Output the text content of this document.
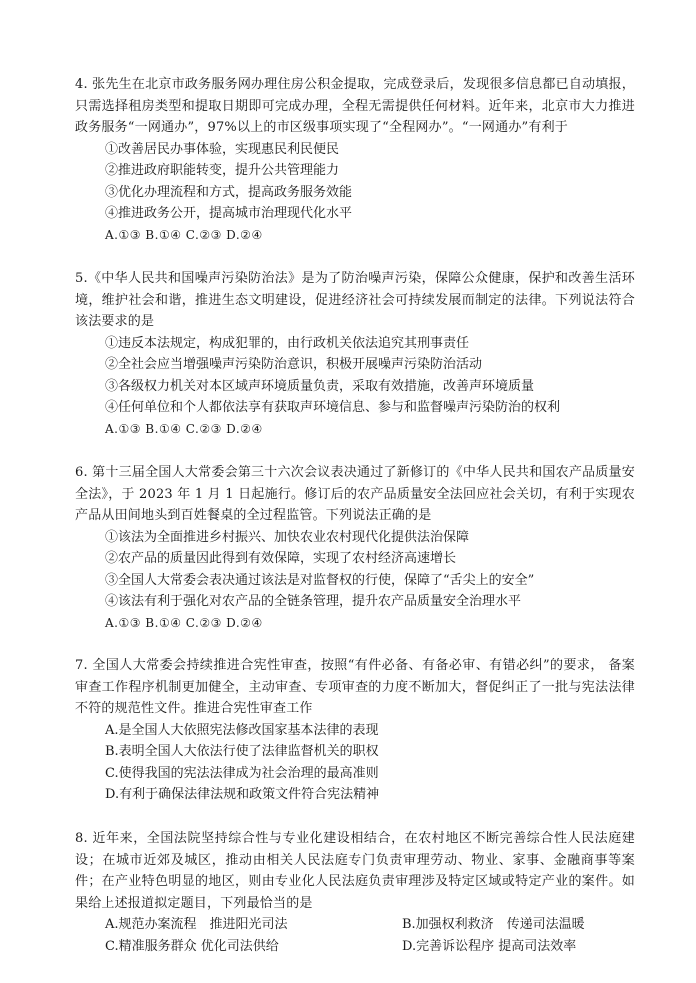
4. 张先生在北京市政务服务网办理住房公积金提取，完成登录后，发现很多信息都已自动填报，只需选择租房类型和提取日期即可完成办理，全程无需提供任何材料。近年来，北京市大力推进政务服务“一网通办”，97%以上的市区级事项实现了“全程网办”。“一网通办”有利于
①改善居民办事体验，实现惠民利民便民
②推进政府职能转变，提升公共管理能力
③优化办理流程和方式，提高政务服务效能
④推进政务公开，提高城市治理现代化水平
A.①③ B.①④ C.②③ D.②④
5.《中华人民共和国噪声污染防治法》是为了防治噪声污染，保障公众健康，保护和改善生活环境，维护社会和谐，推进生态文明建设，促进经济社会可持续发展而制定的法律。下列说法符合该法要求的是
①违反本法规定，构成犯罪的，由行政机关依法追究其刑事责任
②全社会应当增强噪声污染防治意识，积极开展噪声污染防治活动
③各级权力机关对本区域声环境质量负责，采取有效措施，改善声环境质量
④任何单位和个人都依法享有获取声环境信息、参与和监督噪声污染防治的权利
A.①③ B.①④ C.②③ D.②④
6. 第十三届全国人大常委会第三十六次会议表决通过了新修订的《中华人民共和国农产品质量安全法》，于 2023 年 1 月 1 日起施行。修订后的农产品质量安全法回应社会关切，有利于实现农产品从田间地头到百姓餐桌的全过程监管。下列说法正确的是
①该法为全面推进乡村振兴、加快农业农村现代化提供法治保障
②农产品的质量因此得到有效保障，实现了农村经济高速增长
③全国人大常委会表决通过该法是对监督权的行使，保障了“舌尖上的安全”
④该法有利于强化对农产品的全链条管理，提升农产品质量安全治理水平
A.①③ B.①④ C.②③ D.②④
7. 全国人大常委会持续推进合宪性审查，按照“有件必备、有备必审、有错必纠”的要求， 备案审查工作程序机制更加健全，主动审查、专项审查的力度不断加大，督促纠正了一批与宪法法律不符的规范性文件。推进合宪性审查工作
A.是全国人大依照宪法修改国家基本法律的表现
B.表明全国人大依法行使了法律监督机关的职权
C.使得我国的宪法法律成为社会治理的最高准则
D.有利于确保法律法规和政策文件符合宪法精神
8. 近年来，全国法院坚持综合性与专业化建设相结合，在农村地区不断完善综合性人民法庭建设；在城市近郊及城区，推动由相关人民法庭专门负责审理劳动、物业、家事、金融商事等案件；在产业特色明显的地区，则由专业化人民法庭负责审理涉及特定区域或特定产业的案件。如果给上述报道拟定题目，下列最恰当的是
A.规范办案流程　推进阳光司法	B.加强权利救济　传递司法温暖
C.精准服务群众 优化司法供给	D.完善诉讼程序 提高司法效率
